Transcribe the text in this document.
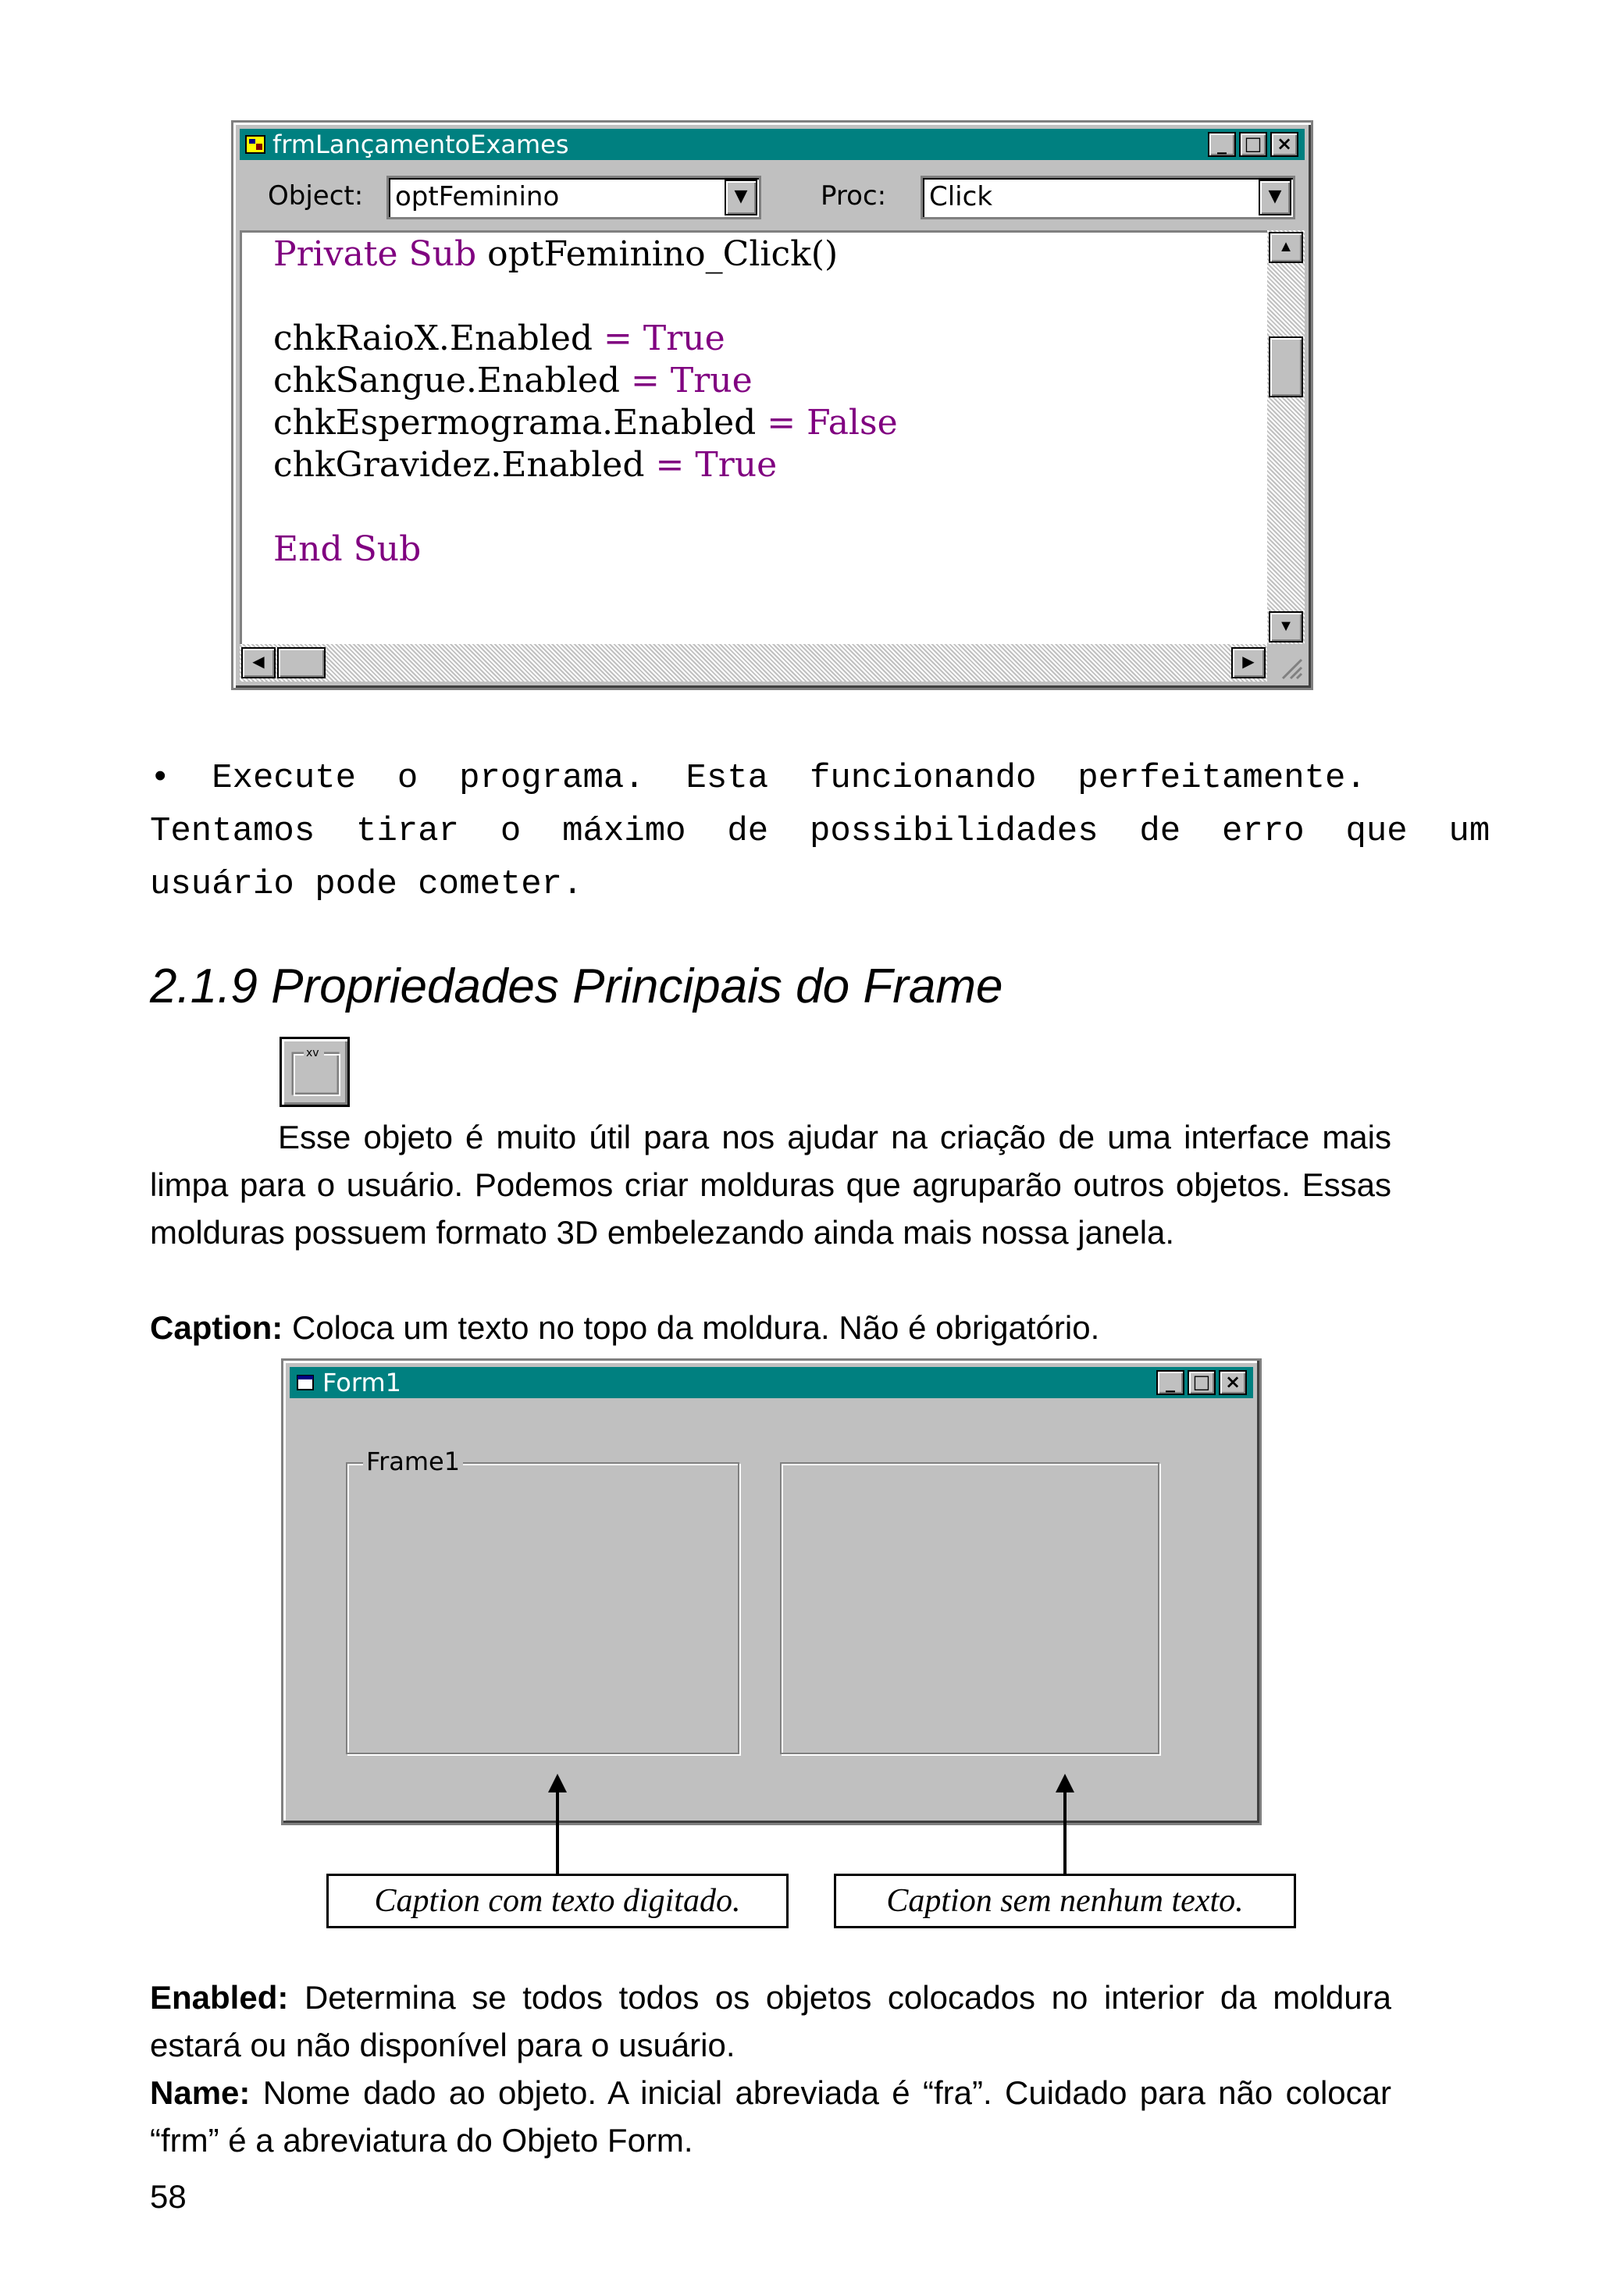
frmLançamentoExames	_ □ ×
Object:	optFeminino	▼	Proc:	Click	▼
Private Sub optFeminino_Click()
chkRaioX.Enabled = True
chkSangue.Enabled = True
chkEspermograma.Enabled = False
chkGravidez.Enabled = True
End Sub
▲
▼
◀	▶
•  Execute  o  programa.  Esta  funcionando  perfeitamente.
Tentamos  tirar  o  máximo  de  possibilidades  de  erro  que  um
usuário pode cometer.
2.1.9 Propriedades Principais do Frame
xv
Esse objeto é muito útil para nos ajudar na criação de uma interface mais limpa para o usuário. Podemos criar molduras que agruparão outros objetos. Essas molduras possuem formato 3D embelezando ainda mais nossa janela.
Caption: Coloca um texto no topo da moldura. Não é obrigatório.
Form1	_ □ ×
Frame1
Caption com texto digitado.	Caption sem nenhum texto.
Enabled: Determina se todos todos os objetos colocados no interior da moldura estará ou não disponível para o usuário.
Name: Nome dado ao objeto. A inicial abreviada é “fra”. Cuidado para não colocar “frm” é a abreviatura do Objeto Form.
58
